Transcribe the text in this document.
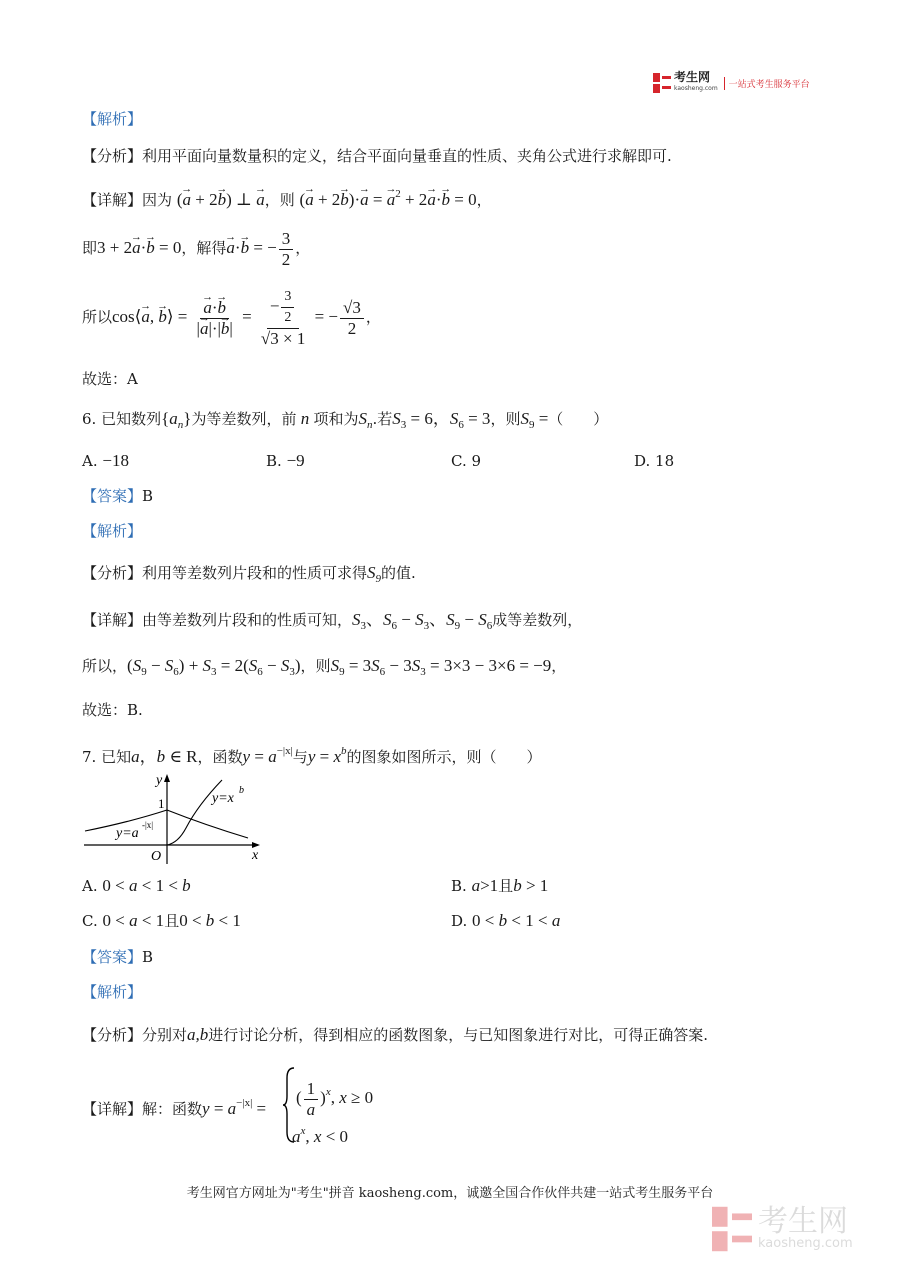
考生网
kaosheng.com	一站式考生服务平台
【解析】
【分析】利用平面向量数量积的定义，结合平面向量垂直的性质、夹角公式进行求解即可.
【详解】因为 (→ a + 2→ b) ⊥ → a，则 (→ a + 2→ b)·→ a = → $a^2 + 2\to a\cdot\to b = 0$，
即3 + 2→ a·→ b = 0，解得→ a·→ b = − $\frac{3}{2}$ ，
所以cos⟨→ a, → b⟩ =
→ $\frac{a\cdot\to b}{|\to a|\cdot|\to b|} = \frac{- \frac{3}{2}}{√3 \times 1}$ = − $\frac{√3}{2}$ ，
故选：A
6. 已知数列$\{a_n\}$为等差数列，前 n 项和为$S_n$.若$S_3 = 6$，$S_6 = 3$，则$S_9$ =（　　）
A. −18	B. −9	C. 9	D. 18
【答案】B
【解析】
【分析】利用等差数列片段和的性质可求得$S_9$的值.
【详解】由等差数列片段和的性质可知，$S_3$、$S_6 - S_3$、$S_9 - S_6$成等差数列，
所以，$(S_9 - S_6) + S_3 = 2(S_6 - S_3)$，则$S_9 = 3S_6 - 3S_3 = 3\times 3 - 3\times 6 = -9$，
故选：B.
7. 已知a，b ∈ R，函数$y = a^{-|x|}$与$y = x^b$的图象如图所示，则（　　）
y
x
O
1	y=x
b
y=a
-|x|
A. 0 < a < 1 < b	B. a>1且b > 1
C. 0 < a < 1且0 < b < 1	D. 0 < b < 1 < a
【答案】B
【解析】
【分析】分别对a,b进行讨论分析，得到相应的函数图象，与已知图象进行对比，可得正确答案.
【详解】解：函数$y = a^{-|x|}$ =
( $\frac{1}{a} )^x$, x ≥ 0
$a^x$, x < 0
考生网官方网址为"考生"拼音 kaosheng.com，诚邀全国合作伙伴共建一站式考生服务平台
考生网
kaosheng.com
